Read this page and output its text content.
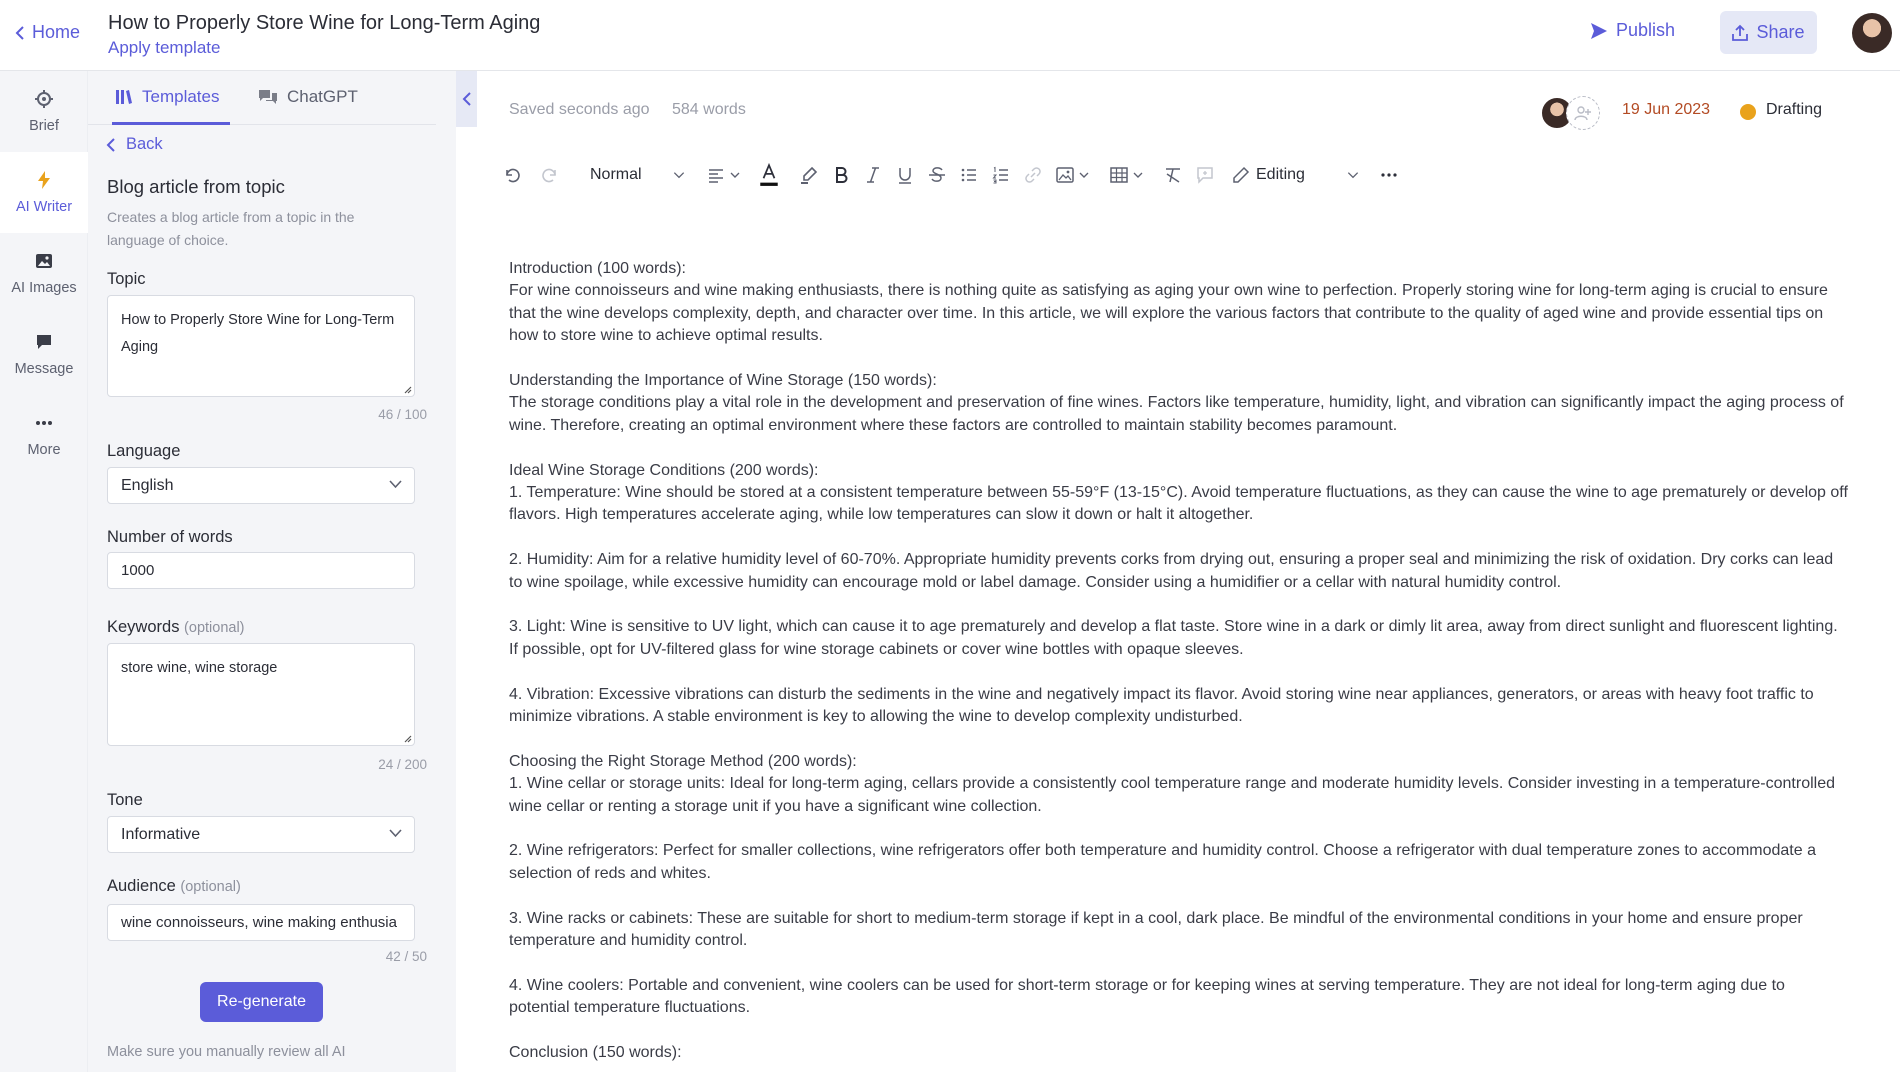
Home How to Properly Store Wine for Long-Term Aging
Apply template
Publish	Share
Brief
AI Writer
AI Images
Message
More
Templates	ChatGPT
Back
Blog article from topic
Creates a blog article from a topic in the language of choice.
Topic
How to Properly Store Wine for Long-Term Aging
46 / 100
Language
English
Number of words
1000
Keywords (optional)
store wine, wine storage
24 / 200
Tone
Informative
Audience (optional)
wine connoisseurs, wine making enthusia
42 / 50
Re-generate
Make sure you manually review all AI
Saved seconds ago 584 words	19 Jun 2023	Drafting
Normal	Editing

Introduction (100 words):

For wine connoisseurs and wine making enthusiasts, there is nothing quite as satisfying as aging your own wine to perfection. Properly storing wine for long-term aging is crucial to ensure that the wine develops complexity, depth, and character over time. In this article, we will explore the various factors that contribute to the quality of aged wine and provide essential tips on how to store wine to achieve optimal results.

Understanding the Importance of Wine Storage (150 words):

The storage conditions play a vital role in the development and preservation of fine wines. Factors like temperature, humidity, light, and vibration can significantly impact the aging process of wine. Therefore, creating an optimal environment where these factors are controlled to maintain stability becomes paramount.

Ideal Wine Storage Conditions (200 words):

1. Temperature: Wine should be stored at a consistent temperature between 55-59°F (13-15°C). Avoid temperature fluctuations, as they can cause the wine to age prematurely or develop off flavors. High temperatures accelerate aging, while low temperatures can slow it down or halt it altogether.

2. Humidity: Aim for a relative humidity level of 60-70%. Appropriate humidity prevents corks from drying out, ensuring a proper seal and minimizing the risk of oxidation. Dry corks can lead to wine spoilage, while excessive humidity can encourage mold or label damage. Consider using a humidifier or a cellar with natural humidity control.

3. Light: Wine is sensitive to UV light, which can cause it to age prematurely and develop a flat taste. Store wine in a dark or dimly lit area, away from direct sunlight and fluorescent lighting. If possible, opt for UV-filtered glass for wine storage cabinets or cover wine bottles with opaque sleeves.

4. Vibration: Excessive vibrations can disturb the sediments in the wine and negatively impact its flavor. Avoid storing wine near appliances, generators, or areas with heavy foot traffic to minimize vibrations. A stable environment is key to allowing the wine to develop complexity undisturbed.

Choosing the Right Storage Method (200 words):

1. Wine cellar or storage units: Ideal for long-term aging, cellars provide a consistently cool temperature range and moderate humidity levels. Consider investing in a temperature-controlled wine cellar or renting a storage unit if you have a significant wine collection.

2. Wine refrigerators: Perfect for smaller collections, wine refrigerators offer both temperature and humidity control. Choose a refrigerator with dual temperature zones to accommodate a selection of reds and whites.

3. Wine racks or cabinets: These are suitable for short to medium-term storage if kept in a cool, dark place. Be mindful of the environmental conditions in your home and ensure proper temperature and humidity control.

4. Wine coolers: Portable and convenient, wine coolers can be used for short-term storage or for keeping wines at serving temperature. They are not ideal for long-term aging due to potential temperature fluctuations.

Conclusion (150 words):
